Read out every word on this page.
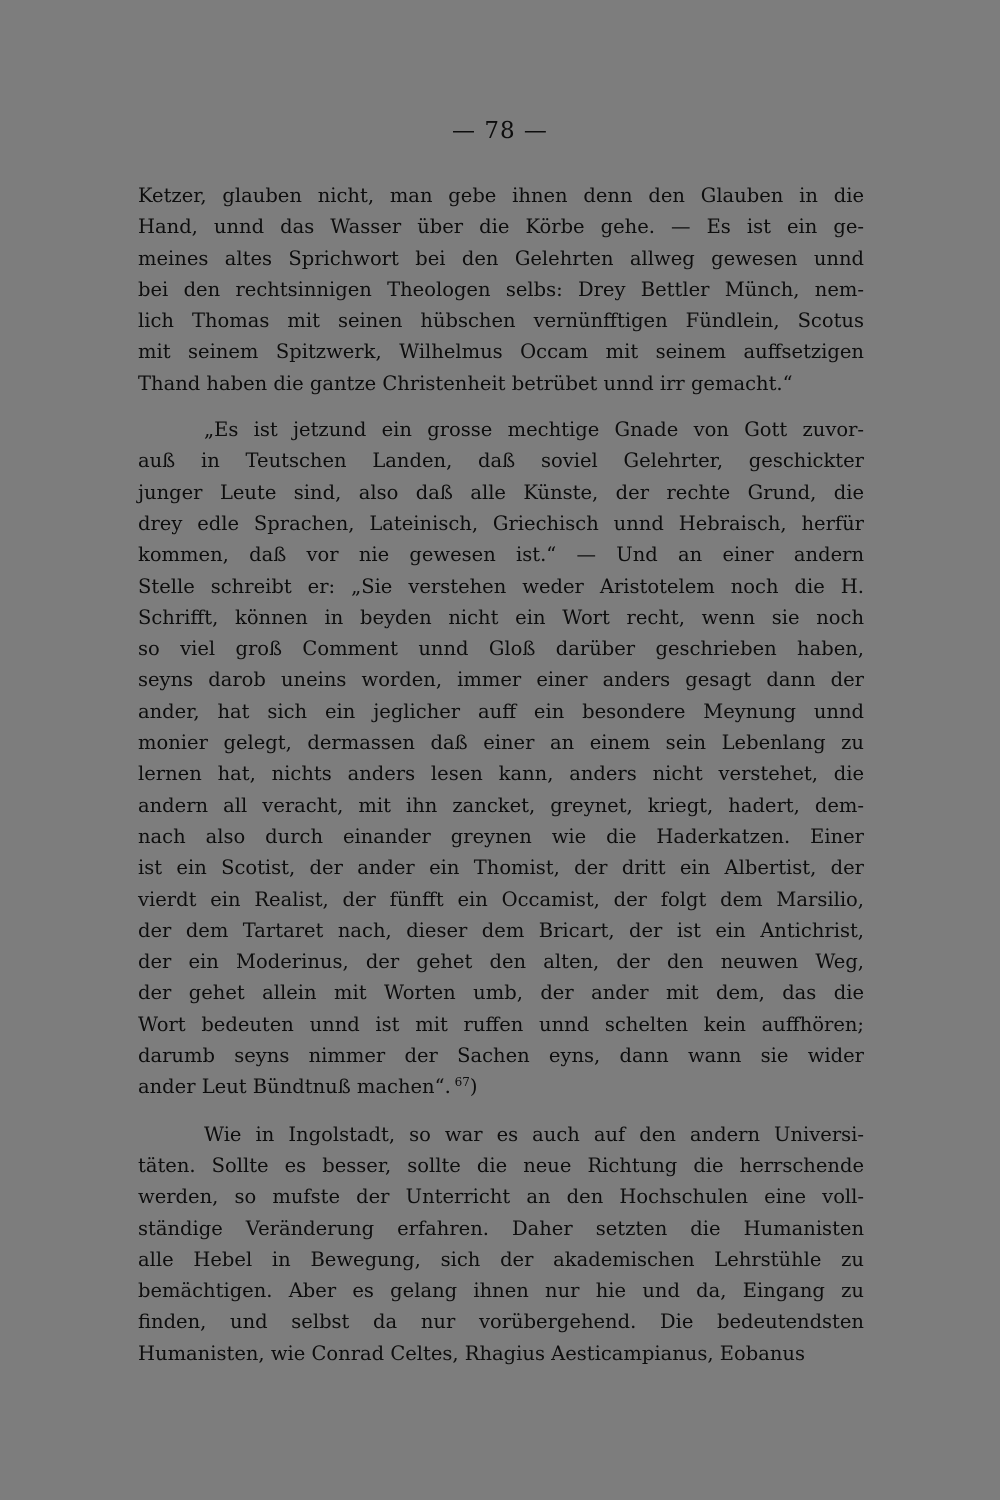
— 78 —
Ketzer, glauben nicht, man gebe ihnen denn den Glauben in die
Hand, unnd das Wasser über die Körbe gehe. — Es ist ein ge-
meines altes Sprichwort bei den Gelehrten allweg gewesen unnd
bei den rechtsinnigen Theologen selbs: Drey Bettler Münch, nem-
lich Thomas mit seinen hübschen vernünfftigen Fündlein, Scotus
mit seinem Spitzwerk, Wilhelmus Occam mit seinem auffsetzigen
Thand haben die gantze Christenheit betrübet unnd irr gemacht.“
„Es ist jetzund ein grosse mechtige Gnade von Gott zuvor-
auß in Teutschen Landen, daß soviel Gelehrter, geschickter
junger Leute sind, also daß alle Künste, der rechte Grund, die
drey edle Sprachen, Lateinisch, Griechisch unnd Hebraisch, herfür
kommen, daß vor nie gewesen ist.“ — Und an einer andern
Stelle schreibt er: „Sie verstehen weder Aristotelem noch die H.
Schrifft, können in beyden nicht ein Wort recht, wenn sie noch
so viel groß Comment unnd Gloß darüber geschrieben haben,
seyns darob uneins worden, immer einer anders gesagt dann der
ander, hat sich ein jeglicher auff ein besondere Meynung unnd
monier gelegt, dermassen daß einer an einem sein Lebenlang zu
lernen hat, nichts anders lesen kann, anders nicht verstehet, die
andern all veracht, mit ihn zancket, greynet, kriegt, hadert, dem-
nach also durch einander greynen wie die Haderkatzen. Einer
ist ein Scotist, der ander ein Thomist, der dritt ein Albertist, der
vierdt ein Realist, der fünfft ein Occamist, der folgt dem Marsilio,
der dem Tartaret nach, dieser dem Bricart, der ist ein Antichrist,
der ein Moderinus, der gehet den alten, der den neuwen Weg,
der gehet allein mit Worten umb, der ander mit dem, das die
Wort bedeuten unnd ist mit ruffen unnd schelten kein auffhören;
darumb seyns nimmer der Sachen eyns, dann wann sie wider
ander Leut Bündtnuß machen“. $^{67}$)
Wie in Ingolstadt, so war es auch auf den andern Universi-
täten. Sollte es besser, sollte die neue Richtung die herrschende
werden, so mufste der Unterricht an den Hochschulen eine voll-
ständige Veränderung erfahren. Daher setzten die Humanisten
alle Hebel in Bewegung, sich der akademischen Lehrstühle zu
bemächtigen. Aber es gelang ihnen nur hie und da, Eingang zu
finden, und selbst da nur vorübergehend. Die bedeutendsten
Humanisten, wie Conrad Celtes, Rhagius Aesticampianus, Eobanus
